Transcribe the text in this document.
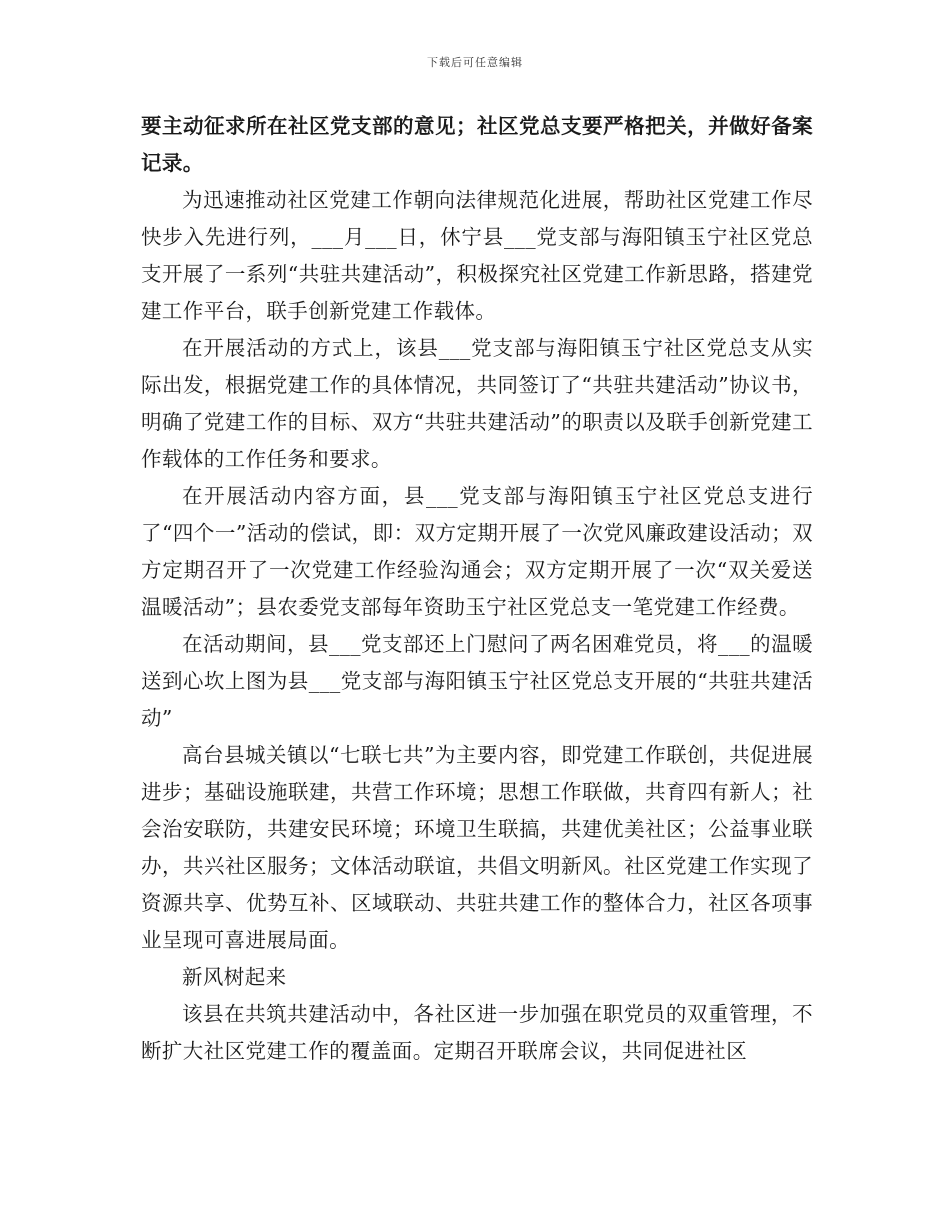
下载后可任意编辑

要主动征求所在社区党支部的意见；社区党总支要严格把关，并做好备案记录。

为迅速推动社区党建工作朝向法律规范化进展，帮助社区党建工作尽快步入先进行列，___月___日，休宁县___党支部与海阳镇玉宁社区党总支开展了一系列“共驻共建活动”，积极探究社区党建工作新思路，搭建党建工作平台，联手创新党建工作载体。

在开展活动的方式上，该县___党支部与海阳镇玉宁社区党总支从实际出发，根据党建工作的具体情况，共同签订了“共驻共建活动”协议书，明确了党建工作的目标、双方“共驻共建活动”的职责以及联手创新党建工作载体的工作任务和要求。

在开展活动内容方面，县___党支部与海阳镇玉宁社区党总支进行了“四个一”活动的偿试，即：双方定期开展了一次党风廉政建设活动；双方定期召开了一次党建工作经验沟通会；双方定期开展了一次“双关爱送温暖活动”；县农委党支部每年资助玉宁社区党总支一笔党建工作经费。

在活动期间，县___党支部还上门慰问了两名困难党员，将___的温暖送到心坎上图为县___党支部与海阳镇玉宁社区党总支开展的“共驻共建活动”

高台县城关镇以“七联七共”为主要内容，即党建工作联创，共促进展进步；基础设施联建，共营工作环境；思想工作联做，共育四有新人；社会治安联防，共建安民环境；环境卫生联搞，共建优美社区；公益事业联办，共兴社区服务；文体活动联谊，共倡文明新风。社区党建工作实现了资源共享、优势互补、区域联动、共驻共建工作的整体合力，社区各项事业呈现可喜进展局面。

新风树起来

该县在共筑共建活动中，各社区进一步加强在职党员的双重管理，不断扩大社区党建工作的覆盖面。定期召开联席会议，共同促进社区
